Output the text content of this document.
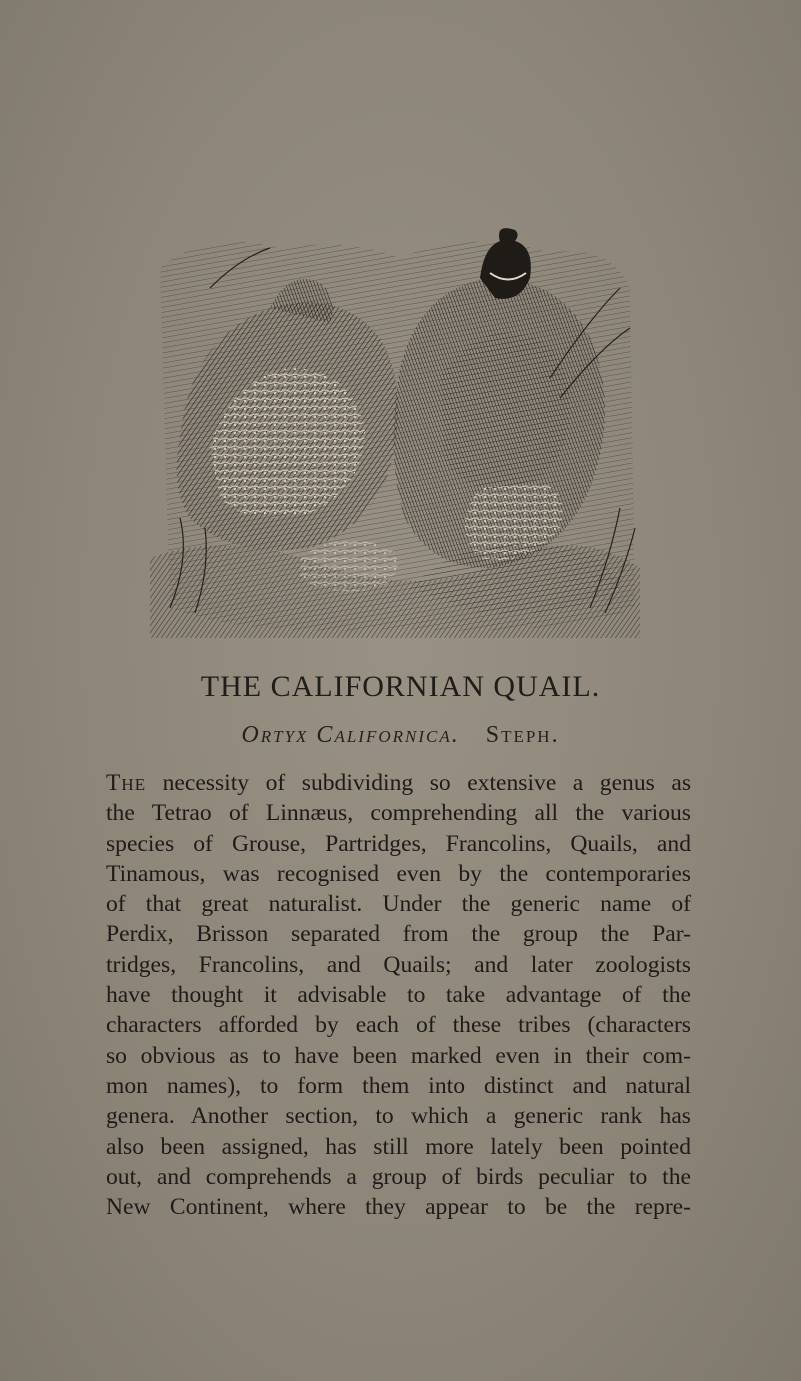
THE CALIFORNIAN QUAIL.
Ortyx Californica. Steph.
The necessity of subdividing so extensive a genus as
the Tetrao of Linnæus, comprehending all the various
species of Grouse, Partridges, Francolins, Quails, and
Tinamous, was recognised even by the contemporaries
of that great naturalist. Under the generic name of
Perdix, Brisson separated from the group the Par-
tridges, Francolins, and Quails; and later zoologists
have thought it advisable to take advantage of the
characters afforded by each of these tribes (characters
so obvious as to have been marked even in their com-
mon names), to form them into distinct and natural
genera. Another section, to which a generic rank has
also been assigned, has still more lately been pointed
out, and comprehends a group of birds peculiar to the
New Continent, where they appear to be the repre-
